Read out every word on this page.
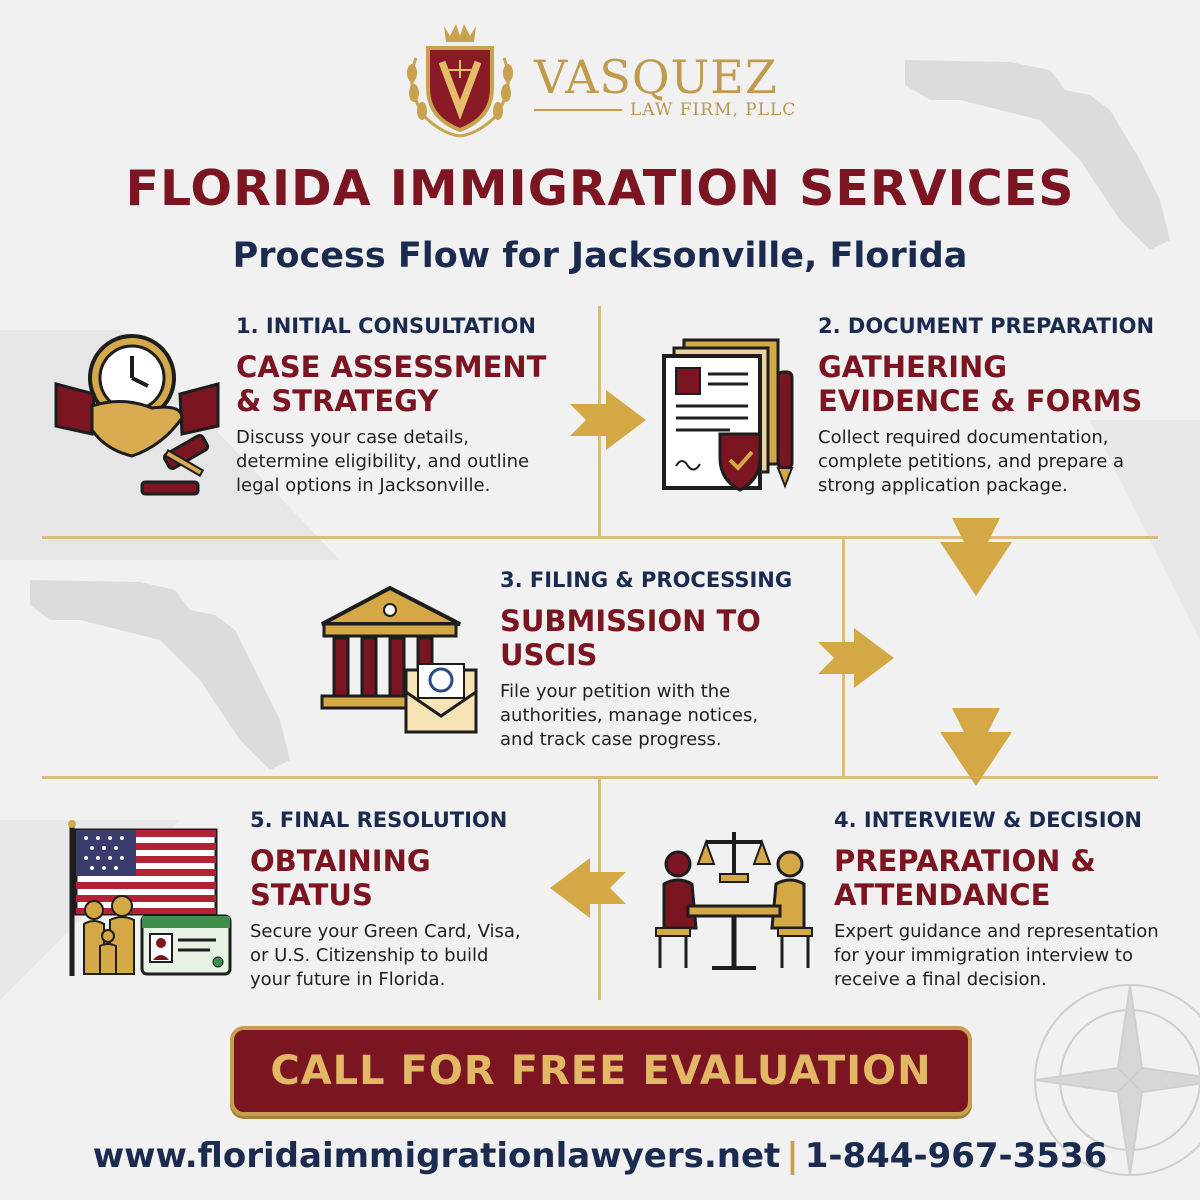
VASQUEZ
LAW FIRM, PLLC
FLORIDA IMMIGRATION SERVICES
Process Flow for Jacksonville, Florida
1. INITIAL CONSULTATION
CASE ASSESSMENT
& STRATEGY
Discuss your case details,
determine eligibility, and outline
legal options in Jacksonville.
2. DOCUMENT PREPARATION
GATHERING
EVIDENCE & FORMS
Collect required documentation,
complete petitions, and prepare a
strong application package.
3. FILING & PROCESSING
SUBMISSION TO
USCIS
File your petition with the
authorities, manage notices,
and track case progress.
4. INTERVIEW & DECISION
PREPARATION &
ATTENDANCE
Expert guidance and representation
for your immigration interview to
receive a final decision.
5. FINAL RESOLUTION
OBTAINING
STATUS
Secure your Green Card, Visa,
or U.S. Citizenship to build
your future in Florida.
CALL FOR FREE EVALUATION
www.floridaimmigrationlawyers.net | 1-844-967-3536
